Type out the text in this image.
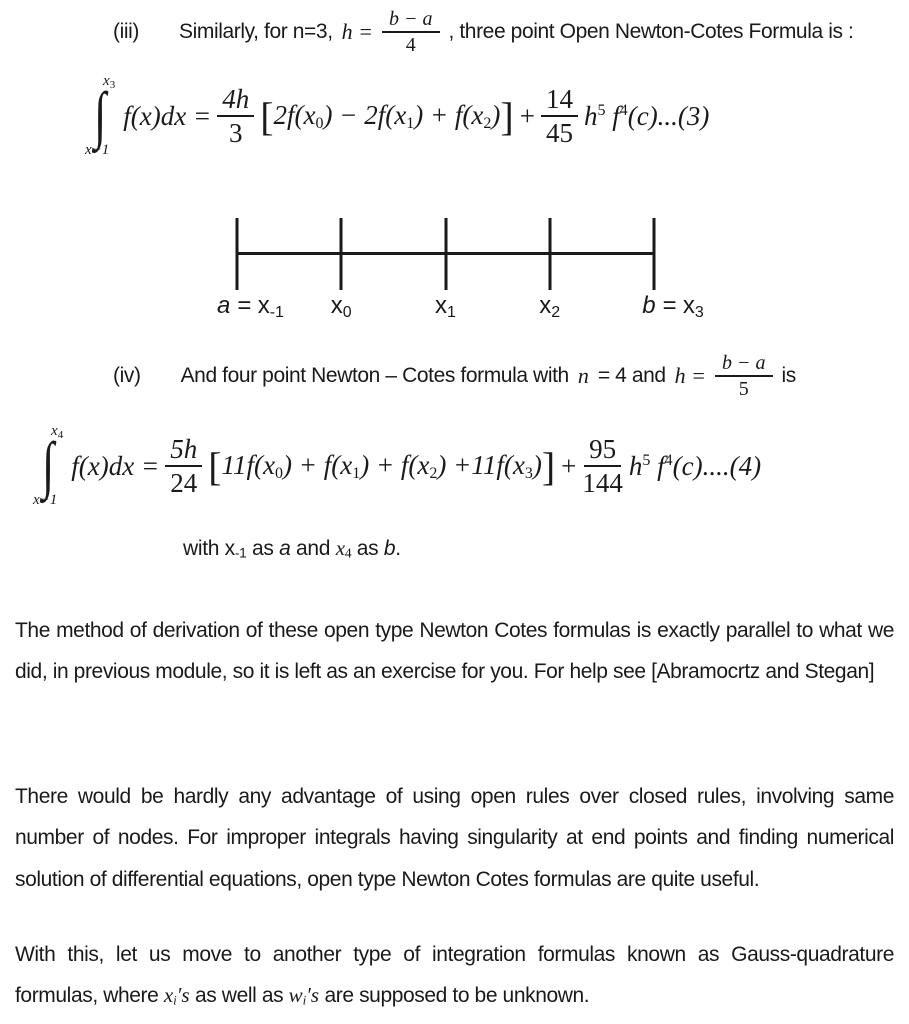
(iii) Similarly, for n=3, $h = \frac{b - a}{4}$ , three point Open Newton-Cotes Formula is :
$x_3$
∫
x−1
$f(x)dx = \frac{4h}{3} [2f(x_0) - 2f(x_1) + f(x_2)] + \frac{14}{45} h^5$ $f^4(c)...(3)$
$a = x_{-1}$ $x_0$	$x_1$	$x_2$	$b = x_3$
(iv) And four point Newton – Cotes formula with n = 4 and $h = \frac{b - a}{5}$ is
$x_4$
∫
x−1
$f(x)dx = \frac{5h}{24} [11f(x_0) + f(x_1) + f(x_2) +11f(x_3)] + \frac{95}{144} h^5$ $f^4(c)....(4)$
with $x_{-1}$ as a and $x_4$ as b.

The method of derivation of these open type Newton Cotes formulas is exactly parallel to what we did, in previous module, so it is left as an exercise for you. For help see [Abramocrtz and Stegan]

There would be hardly any advantage of using open rules over closed rules, involving same number of nodes. For improper integrals having singularity at end points and finding numerical solution of differential equations, open type Newton Cotes formulas are quite useful.

With this, let us move to another type of integration formulas known as Gauss-quadrature formulas, where $x_i's$ as well as $w_i's$ are supposed to be unknown.
